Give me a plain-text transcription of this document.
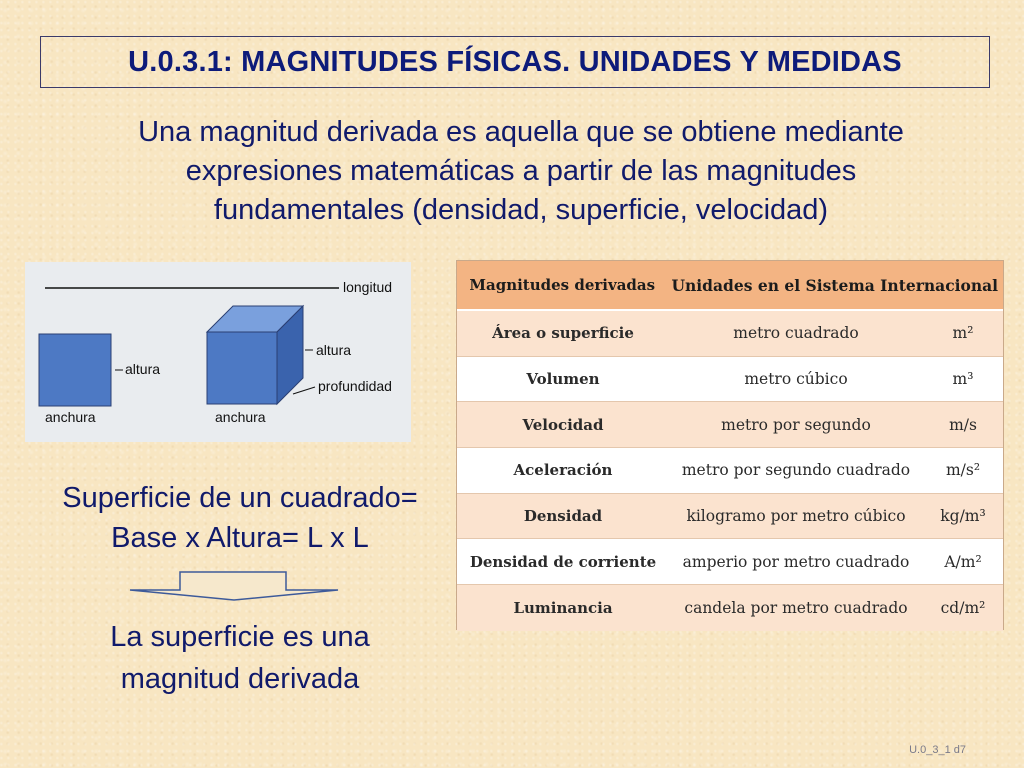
U.0.3.1: MAGNITUDES FÍSICAS. UNIDADES Y MEDIDAS
Una magnitud derivada es aquella que se obtiene mediante
expresiones matemáticas a partir de las magnitudes
fundamentales (densidad, superficie, velocidad)
longitud
altura
anchura
altura
profundidad
anchura
Superficie de un cuadrado=
Base x Altura= L x L
La superficie es una
magnitud derivada
Magnitudes derivadas	Unidades en el Sistema Internacional
Área o superficie	metro cuadrado	m²
Volumen	metro cúbico	m³
Velocidad	metro por segundo	m/s
Aceleración	metro por segundo cuadrado	m/s²
Densidad	kilogramo por metro cúbico	kg/m³
Densidad de corriente	amperio por metro cuadrado	A/m²
Luminancia	candela por metro cuadrado	cd/m²
U.0_3_1 d7
